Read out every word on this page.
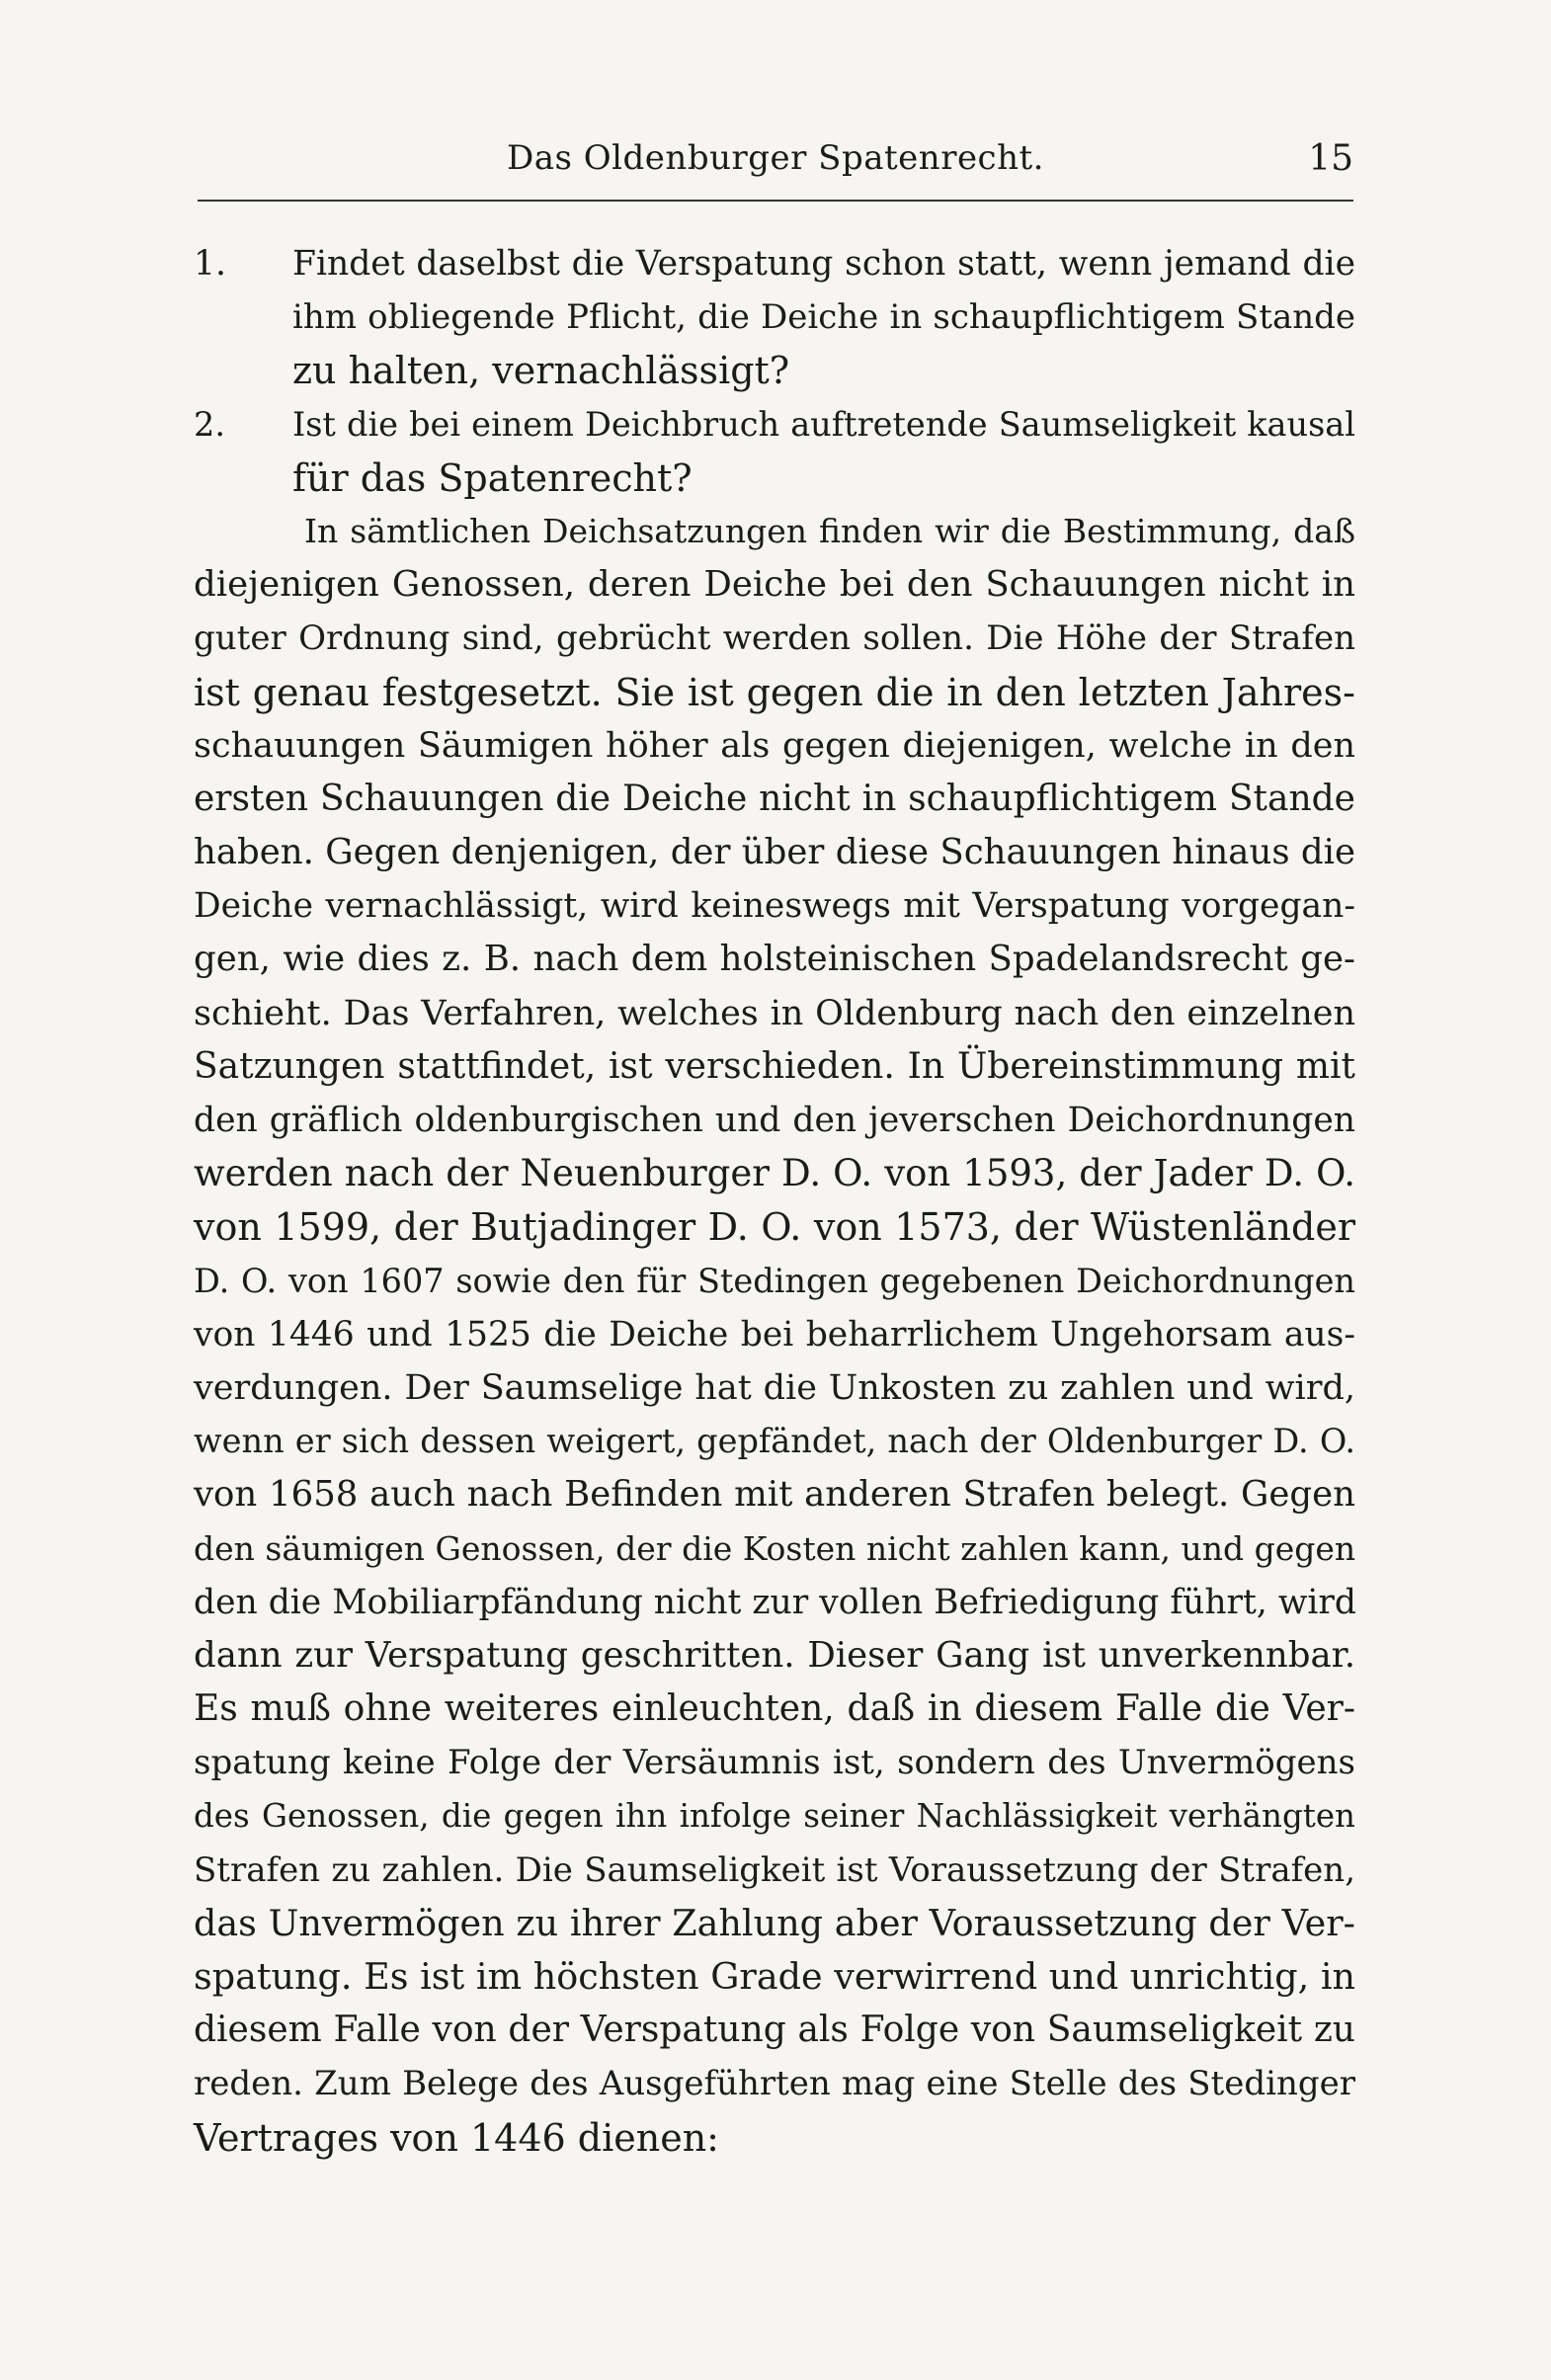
Das Oldenburger Spatenrecht.	15
1. Findet daselbst die Verspatung schon statt, wenn jemand die
ihm obliegende Pflicht, die Deiche in schaupflichtigem Stande
zu halten, vernachlässigt?
2. Ist die bei einem Deichbruch auftretende Saumseligkeit kausal
für das Spatenrecht?
In sämtlichen Deichsatzungen finden wir die Bestimmung, daß
diejenigen Genossen, deren Deiche bei den Schauungen nicht in
guter Ordnung sind, gebrücht werden sollen. Die Höhe der Strafen
ist genau festgesetzt. Sie ist gegen die in den letzten Jahres-
schauungen Säumigen höher als gegen diejenigen, welche in den
ersten Schauungen die Deiche nicht in schaupflichtigem Stande
haben. Gegen denjenigen, der über diese Schauungen hinaus die
Deiche vernachlässigt, wird keineswegs mit Verspatung vorgegan-
gen, wie dies z. B. nach dem holsteinischen Spadelandsrecht ge-
schieht. Das Verfahren, welches in Oldenburg nach den einzelnen
Satzungen stattfindet, ist verschieden. In Übereinstimmung mit
den gräflich oldenburgischen und den jeverschen Deichordnungen
werden nach der Neuenburger D. O. von 1593, der Jader D. O.
von 1599, der Butjadinger D. O. von 1573, der Wüstenländer
D. O. von 1607 sowie den für Stedingen gegebenen Deichordnungen
von 1446 und 1525 die Deiche bei beharrlichem Ungehorsam aus-
verdungen. Der Saumselige hat die Unkosten zu zahlen und wird,
wenn er sich dessen weigert, gepfändet, nach der Oldenburger D. O.
von 1658 auch nach Befinden mit anderen Strafen belegt. Gegen
den säumigen Genossen, der die Kosten nicht zahlen kann, und gegen
den die Mobiliarpfändung nicht zur vollen Befriedigung führt, wird
dann zur Verspatung geschritten. Dieser Gang ist unverkennbar.
Es muß ohne weiteres einleuchten, daß in diesem Falle die Ver-
spatung keine Folge der Versäumnis ist, sondern des Unvermögens
des Genossen, die gegen ihn infolge seiner Nachlässigkeit verhängten
Strafen zu zahlen. Die Saumseligkeit ist Voraussetzung der Strafen,
das Unvermögen zu ihrer Zahlung aber Voraussetzung der Ver-
spatung. Es ist im höchsten Grade verwirrend und unrichtig, in
diesem Falle von der Verspatung als Folge von Saumseligkeit zu
reden. Zum Belege des Ausgeführten mag eine Stelle des Stedinger
Vertrages von 1446 dienen:
